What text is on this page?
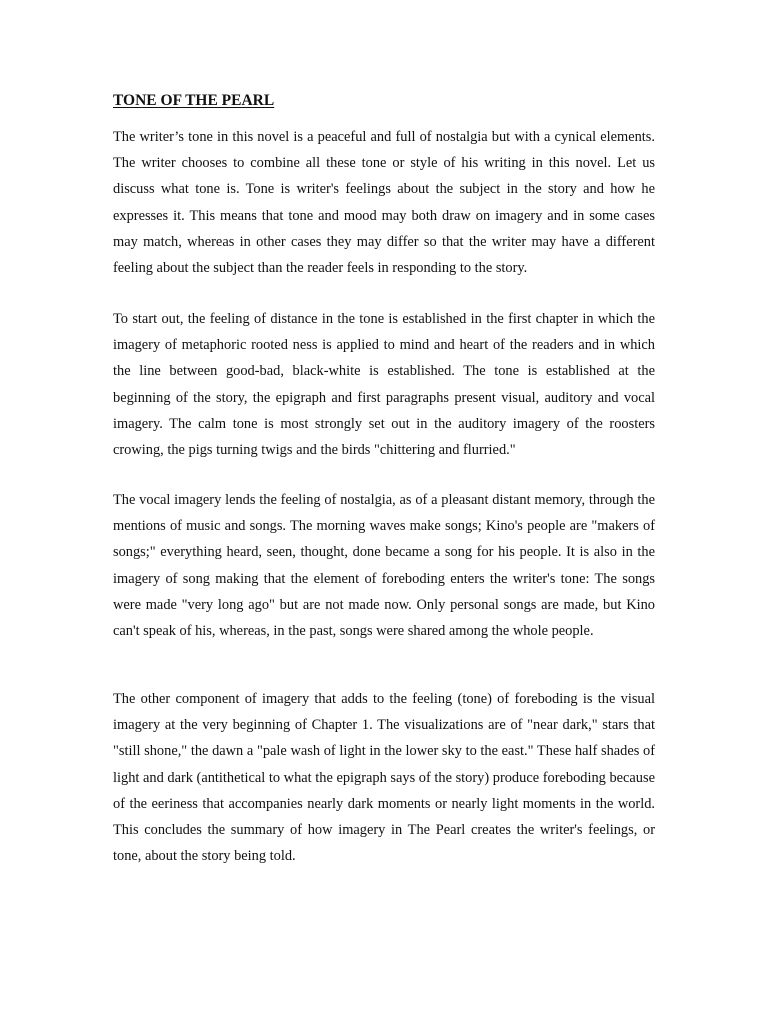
TONE OF THE PEARL

The writer’s tone in this novel is a peaceful and full of nostalgia but with a cynical elements. The writer chooses to combine all these tone or style of his writing in this novel. Let us discuss what tone is. Tone is writer's feelings about the subject in the story and how he expresses it. This means that tone and mood may both draw on imagery and in some cases may match, whereas in other cases they may differ so that the writer may have a different feeling about the subject than the reader feels in responding to the story.

To start out, the feeling of distance in the tone is established in the first chapter in which the imagery of metaphoric rooted ness is applied to mind and heart of the readers and in which the line between good-bad, black-white is established. The tone is established at the beginning of the story, the epigraph and first paragraphs present visual, auditory and vocal imagery. The calm tone is most strongly set out in the auditory imagery of the roosters crowing, the pigs turning twigs and the birds "chittering and flurried."

The vocal imagery lends the feeling of nostalgia, as of a pleasant distant memory, through the mentions of music and songs. The morning waves make songs; Kino's people are "makers of songs;" everything heard, seen, thought, done became a song for his people. It is also in the imagery of song making that the element of foreboding enters the writer's tone: The songs were made "very long ago" but are not made now. Only personal songs are made, but Kino can't speak of his, whereas, in the past, songs were shared among the whole people.

The other component of imagery that adds to the feeling (tone) of foreboding is the visual imagery at the very beginning of Chapter 1. The visualizations are of "near dark," stars that "still shone," the dawn a "pale wash of light in the lower sky to the east." These half shades of light and dark (antithetical to what the epigraph says of the story) produce foreboding because of the eeriness that accompanies nearly dark moments or nearly light moments in the world. This concludes the summary of how imagery in The Pearl creates the writer's feelings, or tone, about the story being told.
